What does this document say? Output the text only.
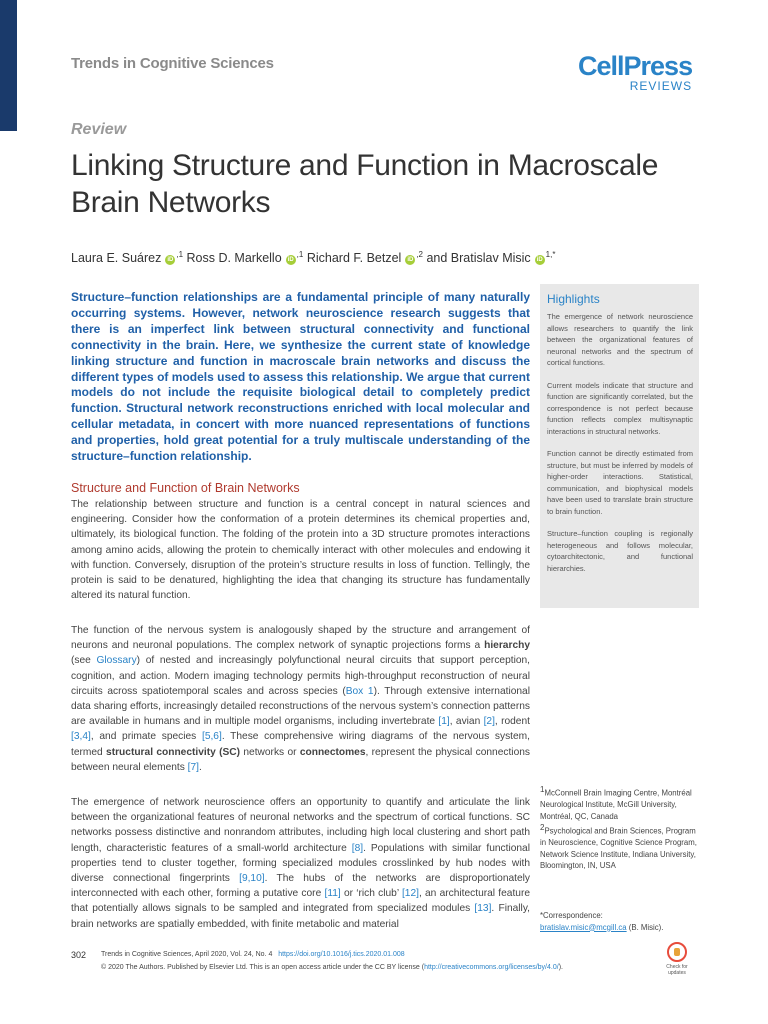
Trends in Cognitive Sciences	CellPress
REVIEWS
Review
Linking Structure and Function in Macroscale Brain Networks
Laura E. Suárez $iD^{,1}$ Ross D. Markello $iD^{,1}$ Richard F. Betzel $iD^{,2}$ and Bratislav Misic $iD^{1,*}$
Structure–function relationships are a fundamental principle of many naturally occurring systems. However, network neuroscience research suggests that there is an imperfect link between structural connectivity and functional connectivity in the brain. Here, we synthesize the current state of knowledge linking structure and function in macroscale brain networks and discuss the different types of models used to assess this relationship. We argue that current models do not include the requisite biological detail to completely predict function. Structural network reconstructions enriched with local molecular and cellular metadata, in concert with more nuanced representations of functions and properties, hold great potential for a truly multiscale understanding of the structure–function relationship.
Highlights

The emergence of network neuroscience allows researchers to quantify the link between the organizational features of neuronal networks and the spectrum of cortical functions.

Current models indicate that structure and function are significantly correlated, but the correspondence is not perfect because function reflects complex multisynaptic interactions in structural networks.

Function cannot be directly estimated from structure, but must be inferred by models of higher-order interactions. Statistical, communication, and biophysical models have been used to translate brain structure to brain function.

Structure–function coupling is regionally heterogeneous and follows molecular, cytoarchitectonic, and functional hierarchies.

Structure and Function of Brain Networks
The relationship between structure and function is a central concept in natural sciences and engineering. Consider how the conformation of a protein determines its chemical properties and, ultimately, its biological function. The folding of the protein into a 3D structure promotes interactions among amino acids, allowing the protein to chemically interact with other molecules and endowing it with function. Conversely, disruption of the protein’s structure results in loss of function. Tellingly, the protein is said to be denatured, highlighting the idea that changing its structure has fundamentally altered its natural function.
The function of the nervous system is analogously shaped by the structure and arrangement of neurons and neuronal populations. The complex network of synaptic projections forms a hierarchy (see Glossary) of nested and increasingly polyfunctional neural circuits that support perception, cognition, and action. Modern imaging technology permits high-throughput reconstruction of neural circuits across spatiotemporal scales and across species (Box 1). Through extensive international data sharing efforts, increasingly detailed reconstructions of the nervous system’s connection patterns are available in humans and in multiple model organisms, including invertebrate [1], avian [2], rodent [3,4], and primate species [5,6]. These comprehensive wiring diagrams of the nervous system, termed structural connectivity (SC) networks or connectomes, represent the physical connections between neural elements [7].
The emergence of network neuroscience offers an opportunity to quantify and articulate the link between the organizational features of neuronal networks and the spectrum of cortical functions. SC networks possess distinctive and nonrandom attributes, including high local clustering and short path length, characteristic features of a small-world architecture [8]. Populations with similar functional properties tend to cluster together, forming specialized modules crosslinked by hub nodes with diverse connectional fingerprints [9,10]. The hubs of the networks are disproportionately interconnected with each other, forming a putative core [11] or ‘rich club’ [12], an architectural feature that potentially allows signals to be sampled and integrated from specialized modules [13]. Finally, brain networks are spatially embedded, with finite metabolic and material
$^1$McConnell Brain Imaging Centre, Montréal Neurological Institute, McGill University, Montréal, QC, Canada
$^2$Psychological and Brain Sciences, Program in Neuroscience, Cognitive Science Program, Network Science Institute, Indiana University, Bloomington, IN, USA
*Correspondence:
bratislav.misic@mcgill.ca (B. Misic).
302 Trends in Cognitive Sciences, April 2020, Vol. 24, No. 4 https://doi.org/10.1016/j.tics.2020.01.008
© 2020 The Authors. Published by Elsevier Ltd. This is an open access article under the CC BY license (http://creativecommons.org/licenses/by/4.0/).	Check for updates
